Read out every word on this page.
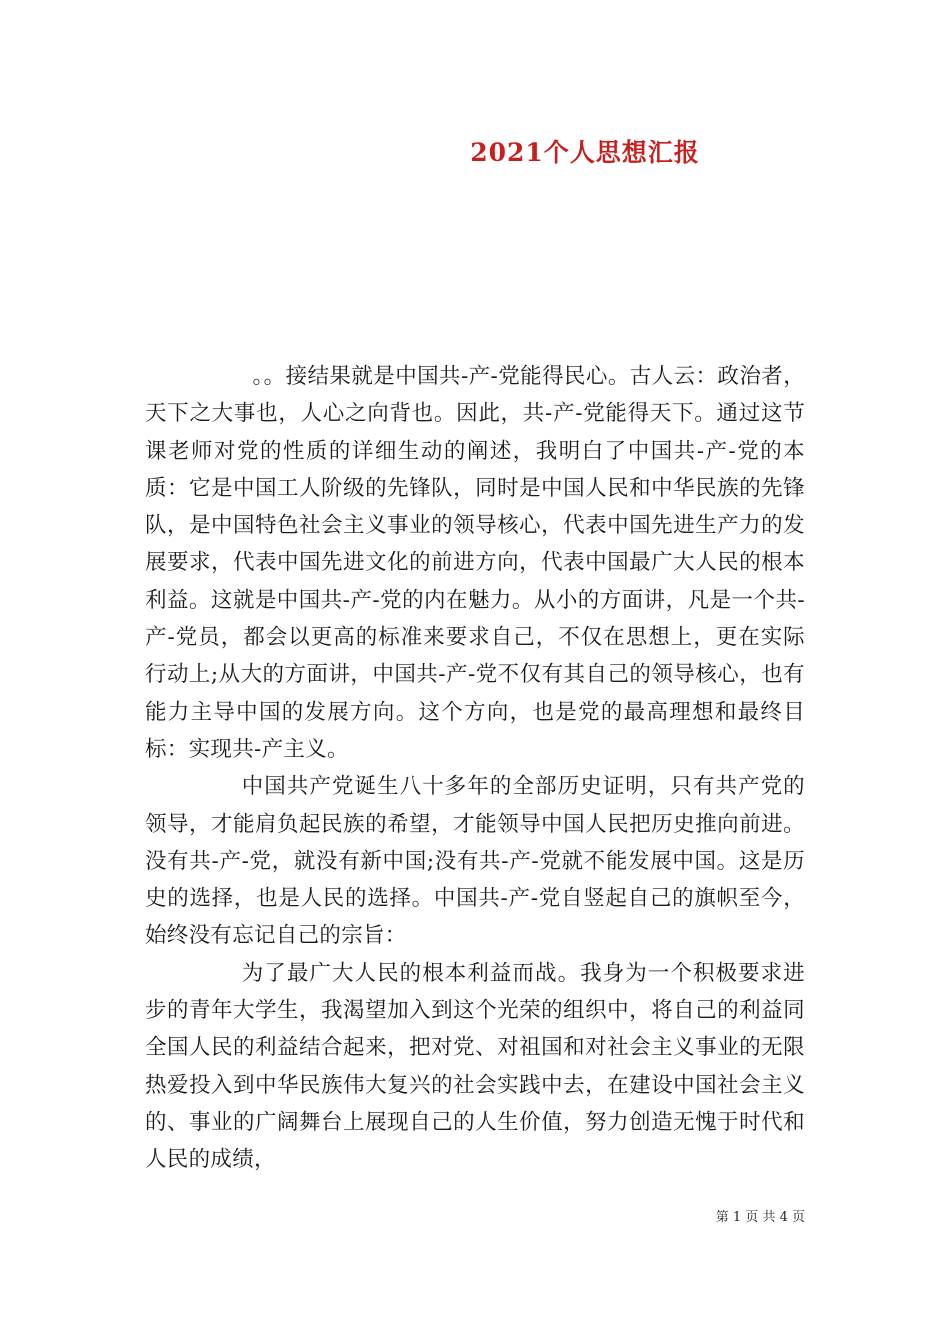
2021个人思想汇报

。。接结果就是中国共-产-党能得民心。古人云：政治者，天下之大事也，人心之向背也。因此，共-产-党能得天下。通过这节课老师对党的性质的详细生动的阐述，我明白了中国共-产-党的本质：它是中国工人阶级的先锋队，同时是中国人民和中华民族的先锋队，是中国特色社会主义事业的领导核心，代表中国先进生产力的发展要求，代表中国先进文化的前进方向，代表中国最广大人民的根本利益。这就是中国共-产-党的内在魅力。从小的方面讲，凡是一个共-产-党员，都会以更高的标准来要求自己，不仅在思想上，更在实际行动上;从大的方面讲，中国共-产-党不仅有其自己的领导核心，也有能力主导中国的发展方向。这个方向，也是党的最高理想和最终目标：实现共-产主义。

中国共产党诞生八十多年的全部历史证明，只有共产党的领导，才能肩负起民族的希望，才能领导中国人民把历史推向前进。没有共-产-党，就没有新中国;没有共-产-党就不能发展中国。这是历史的选择，也是人民的选择。中国共-产-党自竖起自己的旗帜至今，始终没有忘记自己的宗旨：

为了最广大人民的根本利益而战。我身为一个积极要求进步的青年大学生，我渴望加入到这个光荣的组织中，将自己的利益同全国人民的利益结合起来，把对党、对祖国和对社会主义事业的无限热爱投入到中华民族伟大复兴的社会实践中去，在建设中国社会主义的、事业的广阔舞台上展现自己的人生价值，努力创造无愧于时代和人民的成绩，

第 1 页 共 4 页
